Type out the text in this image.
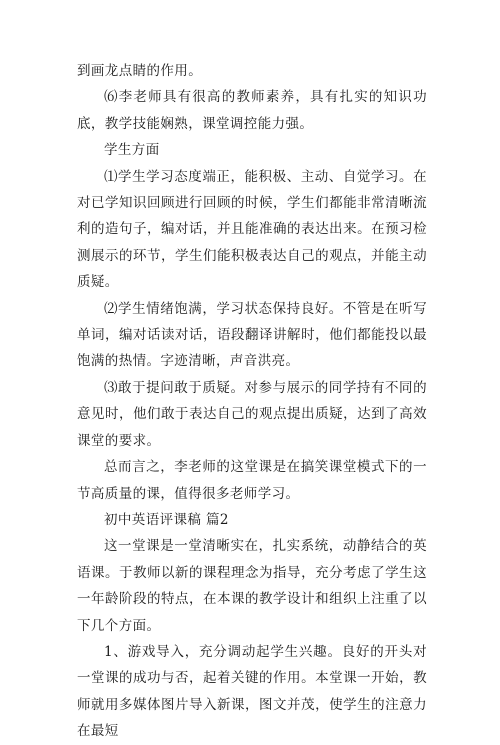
到画龙点睛的作用。

⑹李老师具有很高的教师素养，具有扎实的知识功底，教学技能娴熟，课堂调控能力强。

学生方面

⑴学生学习态度端正，能积极、主动、自觉学习。在对已学知识回顾进行回顾的时候，学生们都能非常清晰流利的造句子，编对话，并且能准确的表达出来。在预习检测展示的环节，学生们能积极表达自己的观点，并能主动质疑。

⑵学生情绪饱满，学习状态保持良好。不管是在听写单词，编对话读对话，语段翻译讲解时，他们都能投以最饱满的热情。字迹清晰，声音洪亮。

⑶敢于提问敢于质疑。对参与展示的同学持有不同的意见时，他们敢于表达自己的观点提出质疑，达到了高效课堂的要求。

总而言之，李老师的这堂课是在搞笑课堂模式下的一节高质量的课，值得很多老师学习。

初中英语评课稿 篇2

这一堂课是一堂清晰实在，扎实系统，动静结合的英语课。于教师以新的课程理念为指导，充分考虑了学生这一年龄阶段的特点，在本课的教学设计和组织上注重了以下几个方面。

1、游戏导入，充分调动起学生兴趣。良好的开头对一堂课的成功与否，起着关键的作用。本堂课一开始，教师就用多媒体图片导入新课，图文并茂，使学生的注意力在最短
